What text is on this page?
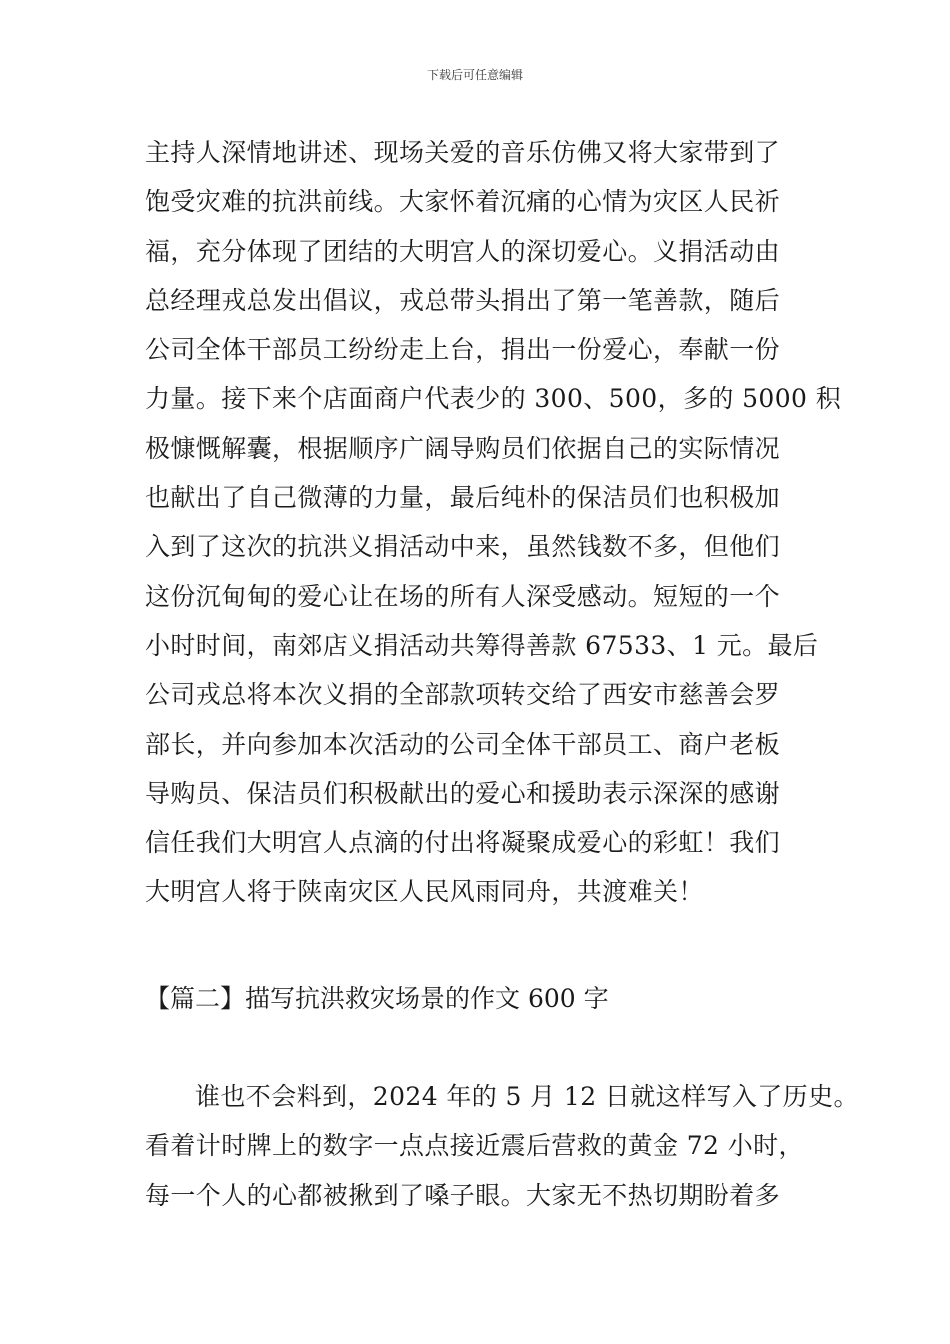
下载后可任意编辑
主持人深情地讲述、现场关爱的音乐仿佛又将大家带到了
饱受灾难的抗洪前线。大家怀着沉痛的心情为灾区人民祈
福，充分体现了团结的大明宫人的深切爱心。义捐活动由
总经理戎总发出倡议，戎总带头捐出了第一笔善款，随后
公司全体干部员工纷纷走上台，捐出一份爱心，奉献一份
力量。接下来个店面商户代表少的 300、500，多的 5000 积
极慷慨解囊，根据顺序广阔导购员们依据自己的实际情况
也献出了自己微薄的力量，最后纯朴的保洁员们也积极加
入到了这次的抗洪义捐活动中来，虽然钱数不多，但他们
这份沉甸甸的爱心让在场的所有人深受感动。短短的一个
小时时间，南郊店义捐活动共筹得善款 67533、1 元。最后
公司戎总将本次义捐的全部款项转交给了西安市慈善会罗
部长，并向参加本次活动的公司全体干部员工、商户老板
导购员、保洁员们积极献出的爱心和援助表示深深的感谢
信任我们大明宫人点滴的付出将凝聚成爱心的彩虹！我们
大明宫人将于陕南灾区人民风雨同舟，共渡难关！
【篇二】描写抗洪救灾场景的作文 600 字
谁也不会料到，2024 年的 5 月 12 日就这样写入了历史。
看着计时牌上的数字一点点接近震后营救的黄金 72 小时，
每一个人的心都被揪到了嗓子眼。大家无不热切期盼着多
